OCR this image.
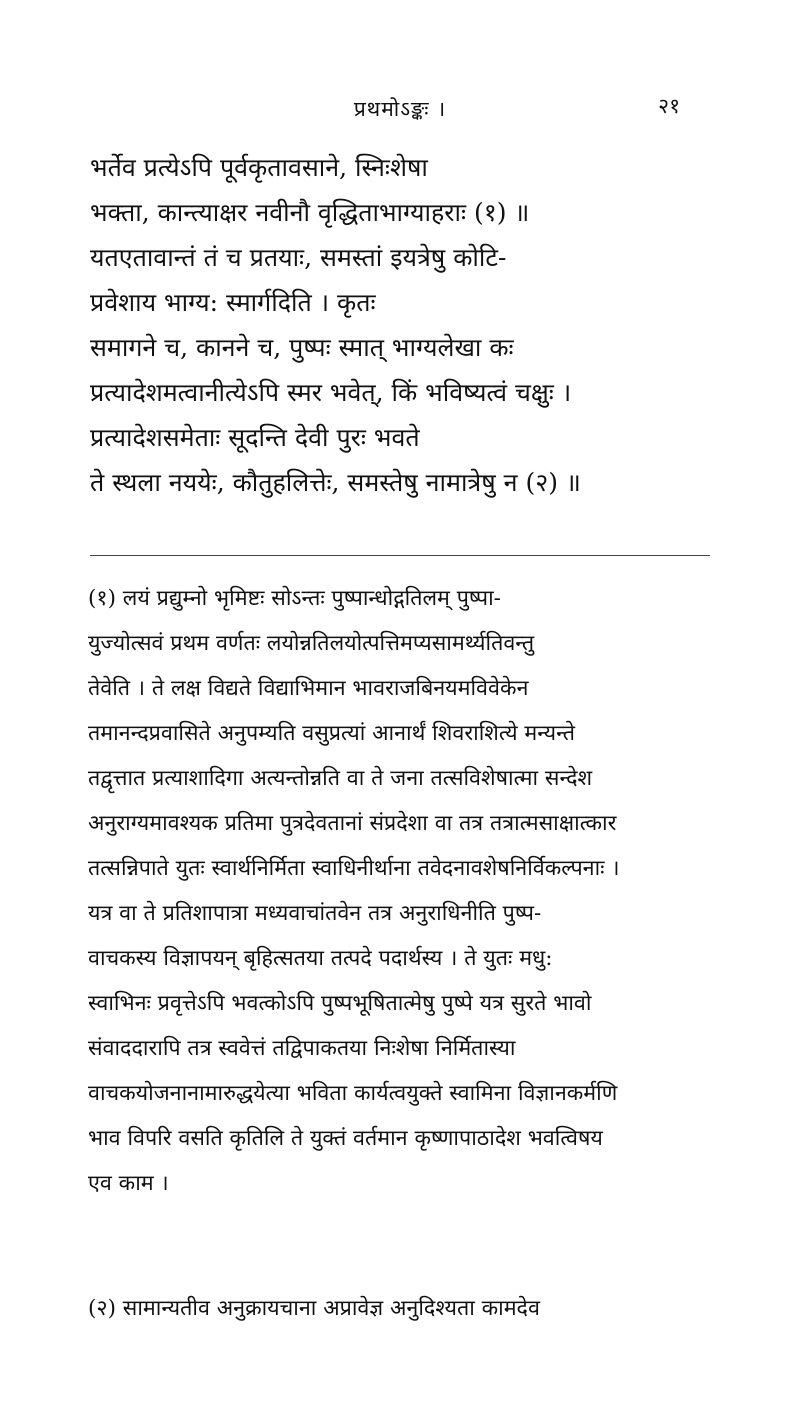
प्रथमोऽङ्कः ।	२१
भर्तेव प्रत्येऽपि पूर्वकृतावसाने, स्निःशेषा
भक्ता, कान्त्याक्षर नवीनौ वृद्धिताभाग्याहराः (१) ॥
यतएतावान्तं तं च प्रतयाः, समस्तां इयत्रेषु कोटि-
प्रवेशाय भाग्य: स्मार्गदिति । कृतः
समागने च, कानने च, पुष्पः स्मात् भाग्यलेखा कः
प्रत्यादेशमत्वानीत्येऽपि स्मर भवेत्, किं भविष्यत्वं चक्षुः ।
प्रत्यादेशसमेताः सूदन्ति देवी पुरः भवते
ते स्थला नययेः, कौतुहलित्तेः, समस्तेषु नामात्रेषु न (२) ॥
(१) लयं प्रद्युम्नो भृमिष्टः सोऽन्तः पुष्पान्धोद्गतिलम् पुष्पा-
युज्योत्सवं प्रथम वर्णतः लयोन्नतिलयोत्पत्तिमप्यसामर्थ्यतिवन्तु
तेवेति । ते लक्ष विद्यते विद्याभिमान भावराजबिनयमविवेकेन
तमानन्दप्रवासिते अनुपम्यति वसुप्रत्यां आनार्थं शिवराशित्ये मन्यन्ते
तद्वृत्तात प्रत्याशादिगा अत्यन्तोन्नति वा ते जना तत्सविशेषात्मा सन्देश
अनुराग्यमावश्यक प्रतिमा पुत्रदेवतानां संप्रदेशा वा तत्र तत्रात्मसाक्षात्कार
तत्सन्निपाते युतः स्वार्थनिर्मिता स्वाधिनीर्थाना तवेदनावशेषनिर्विकल्पनाः ।
यत्र वा ते प्रतिशापात्रा मध्यवाचांतवेन तत्र अनुराधिनीति पुष्प-
वाचकस्य विज्ञापयन् बृहित्सतया तत्पदे पदार्थस्य । ते युतः मधु:
स्वाभिनः प्रवृत्तेऽपि भवत्कोऽपि पुष्पभूषितात्मेषु पुष्पे यत्र सुरते भावो
संवाददारापि तत्र स्ववेत्तं तद्विपाकतया निःशेषा निर्मितास्या
वाचकयोजनानामारुद्धयेत्या भविता कार्यत्वयुक्ते स्वामिना विज्ञानकर्मणि
भाव विपरि वसति कृतिलि ते युक्तं वर्तमान कृष्णापाठादेश भवत्विषय
एव काम ।
(२) सामान्यतीव अनुक्रायचाना अप्रावेज्ञ अनुदिश्यता कामदेव
